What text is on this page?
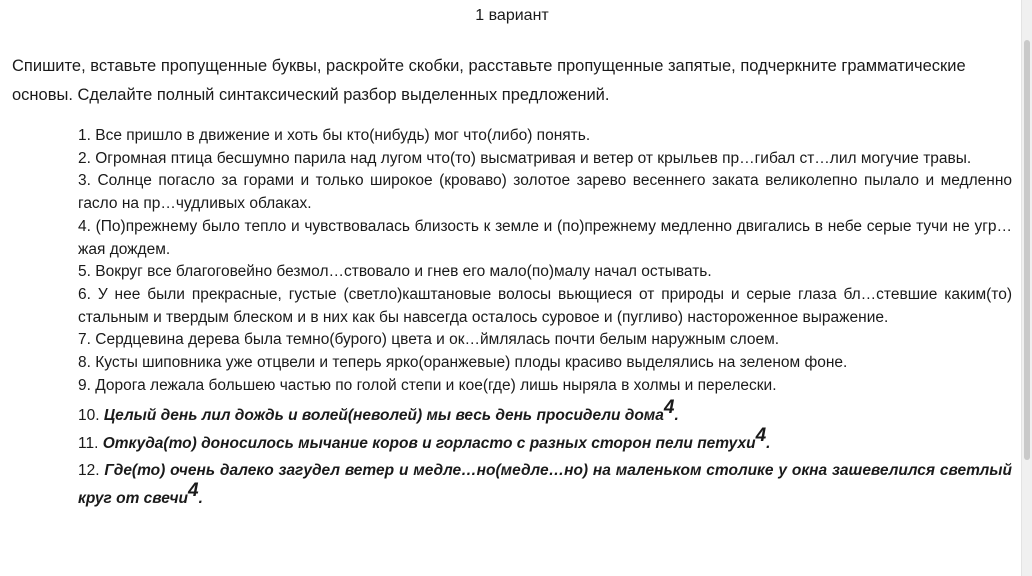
1 вариант
Спишите, вставьте пропущенные буквы, раскройте скобки, расставьте пропущенные запятые, подчеркните грамматические основы. Сделайте полный синтаксический разбор выделенных предложений.
1. Все пришло в движение и хоть бы кто(нибудь) мог что(либо) понять.
2. Огромная птица бесшумно парила над лугом что(то) высматривая и ветер от крыльев пр…гибал ст…лил могучие травы.
3. Солнце погасло за горами и только широкое (кроваво) золотое зарево весеннего заката великолепно пылало и медленно гасло на пр…чудливых облаках.
4. (По)прежнему было тепло и чувствовалась близость к земле и (по)прежнему медленно двигались в небе серые тучи не угр…жая дождем.
5. Вокруг все благоговейно безмол…ствовало и гнев его мало(по)малу начал остывать.
6. У нее были прекрасные, густые (светло)каштановые волосы вьющиеся от природы и серые глаза бл…стевшие каким(то) стальным и твердым блеском и в них как бы навсегда осталось суровое и (пугливо) настороженное выражение.
7. Сердцевина дерева была темно(бурого) цвета и ок…ймлялась почти белым наружным слоем.
8. Кусты шиповника уже отцвели и теперь ярко(оранжевые) плоды красиво выделялись на зеленом фоне.
9. Дорога лежала большею частью по голой степи и кое(где) лишь ныряла в холмы и перелески.
10. Целый день лил дождь и волей(неволей) мы весь день просидели дома4.
11. Откуда(то) доносилось мычание коров и горласто с разных сторон пели петухи4.
12. Где(то) очень далеко загудел ветер и медле…но(медле…но) на маленьком столике у окна зашевелился светлый круг от свечи4.
